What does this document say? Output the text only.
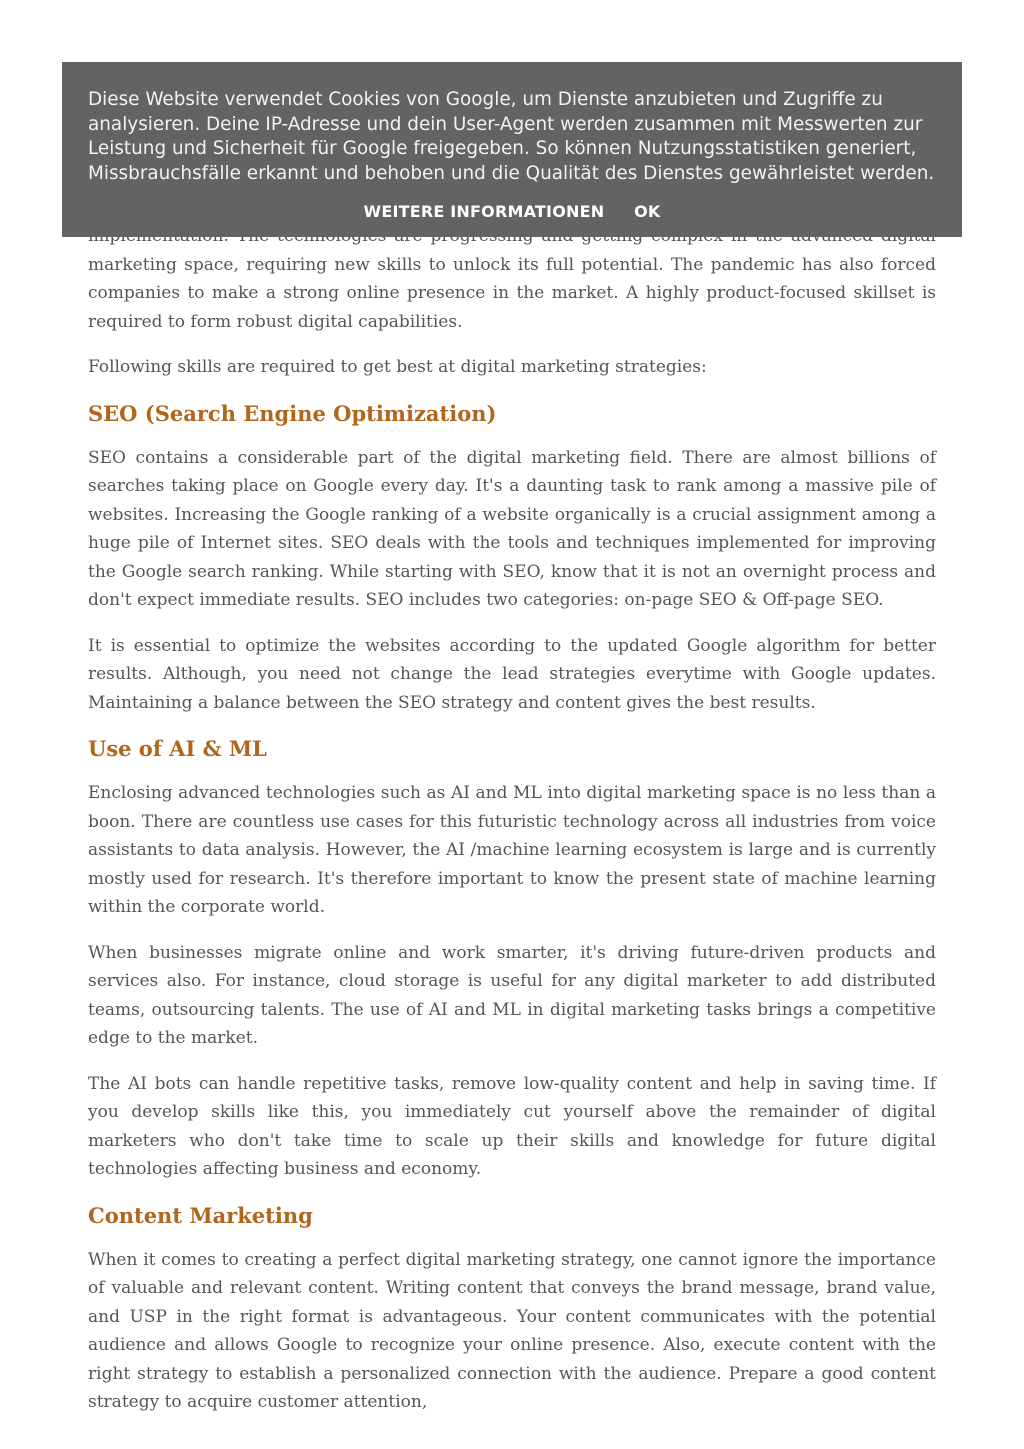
Diese Website verwendet Cookies von Google, um Dienste anzubieten und Zugriffe zu analysieren. Deine IP-Adresse und dein User-Agent werden zusammen mit Messwerten zur Leistung und Sicherheit für Google freigegeben. So können Nutzungsstatistiken generiert, Missbrauchsfälle erkannt und behoben und die Qualität des Dienstes gewährleistet werden.

WEITERE INFORMATIONEN OK

marketing space, requiring new skills to unlock its full potential. The pandemic has also forced companies to make a strong online presence in the market. A highly product-focused skillset is required to form robust digital capabilities.

Following skills are required to get best at digital marketing strategies:

SEO (Search Engine Optimization)

SEO contains a considerable part of the digital marketing field. There are almost billions of searches taking place on Google every day. It's a daunting task to rank among a massive pile of websites. Increasing the Google ranking of a website organically is a crucial assignment among a huge pile of Internet sites. SEO deals with the tools and techniques implemented for improving the Google search ranking. While starting with SEO, know that it is not an overnight process and don't expect immediate results. SEO includes two categories: on-page SEO & Off-page SEO.

It is essential to optimize the websites according to the updated Google algorithm for better results. Although, you need not change the lead strategies everytime with Google updates. Maintaining a balance between the SEO strategy and content gives the best results.

Use of AI & ML

Enclosing advanced technologies such as AI and ML into digital marketing space is no less than a boon. There are countless use cases for this futuristic technology across all industries from voice assistants to data analysis. However, the AI /machine learning ecosystem is large and is currently mostly used for research. It's therefore important to know the present state of machine learning within the corporate world.

When businesses migrate online and work smarter, it's driving future-driven products and services also. For instance, cloud storage is useful for any digital marketer to add distributed teams, outsourcing talents. The use of AI and ML in digital marketing tasks brings a competitive edge to the market.

The AI bots can handle repetitive tasks, remove low-quality content and help in saving time. If you develop skills like this, you immediately cut yourself above the remainder of digital marketers who don't take time to scale up their skills and knowledge for future digital technologies affecting business and economy.

Content Marketing

When it comes to creating a perfect digital marketing strategy, one cannot ignore the importance of valuable and relevant content. Writing content that conveys the brand message, brand value, and USP in the right format is advantageous. Your content communicates with the potential audience and allows Google to recognize your online presence. Also, execute content with the right strategy to establish a personalized connection with the audience. Prepare a good content strategy to acquire customer attention,
